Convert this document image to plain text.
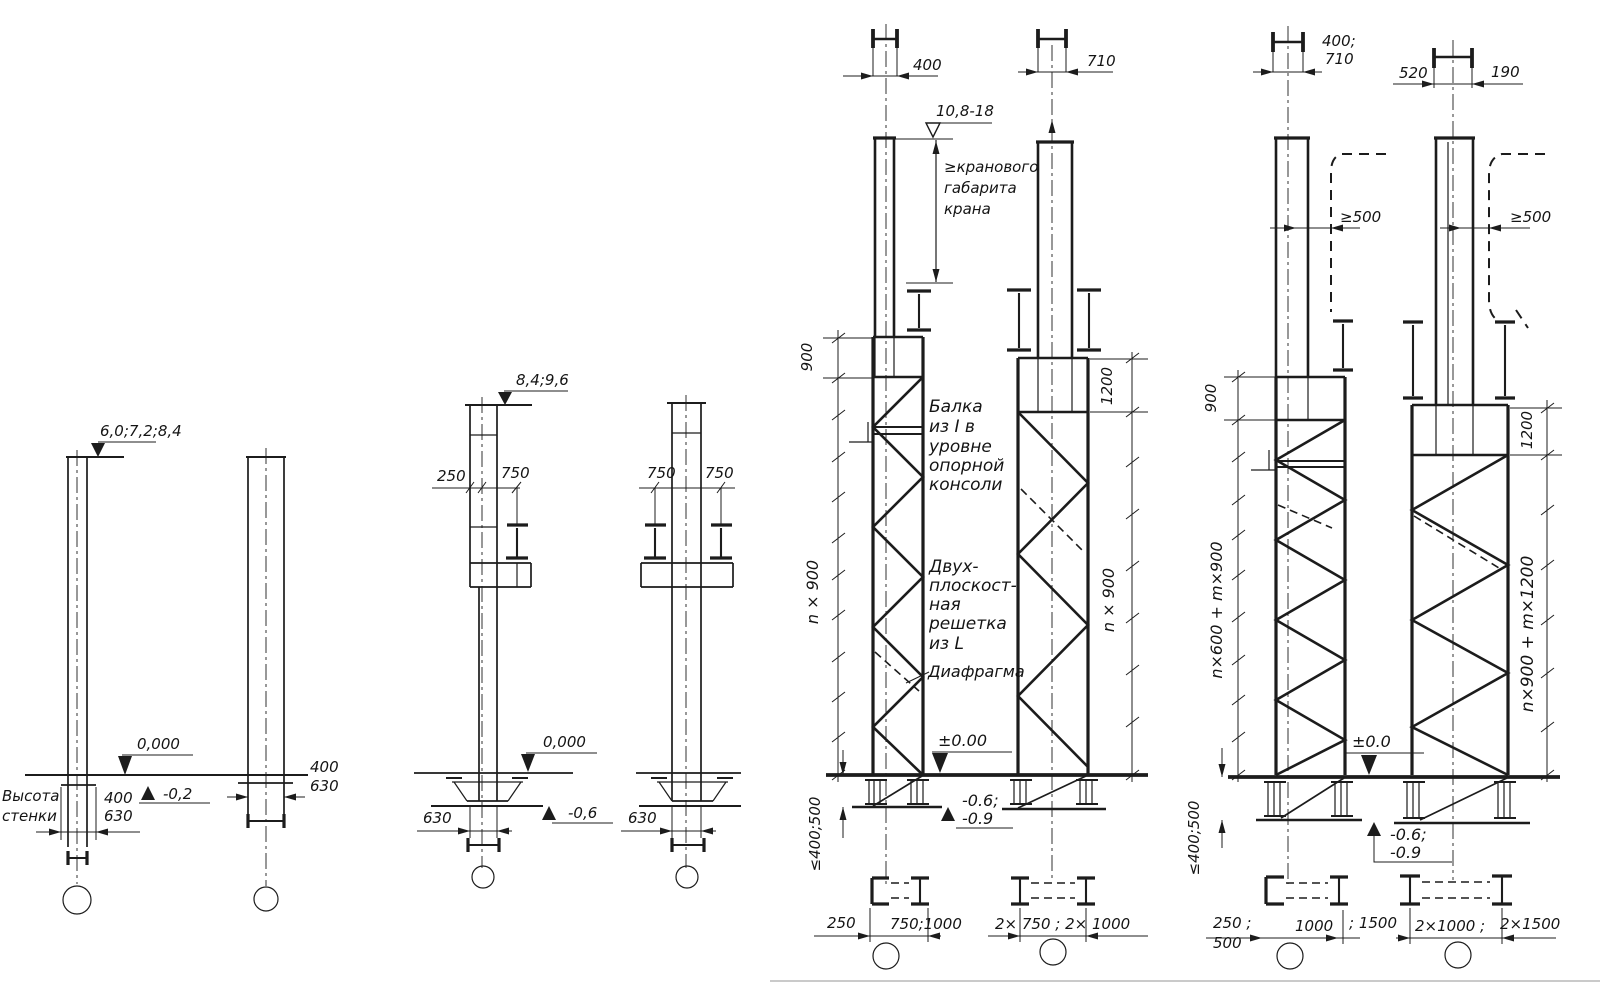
6,0;7,2;8,4
0,000
-0,2
Высота
стенки
400
630
400
630
8,4;9,6
250 750	750 750
0,000
-0,6
630	630
400	710
10,8-18
≥кранового
габарита
крана
900
n × 900
≤400;500
1200
n × 900
Балка
из I в
уровне
опорной
консоли
Двух-
плоскост-
ная
решетка
из L
Диафрагма
±0.00
-0.6;
-0.9
250 750;1000 2× 750 ; 2× 1000
400;
710
520	190
≥500	≥500
900
n×600 + m×900
≤400;500
1200
n×900 + m×1200
±0.0
-0.6;
-0.9
250 ;
500
1000 ; 1500 2×1000 ; 2×1500
